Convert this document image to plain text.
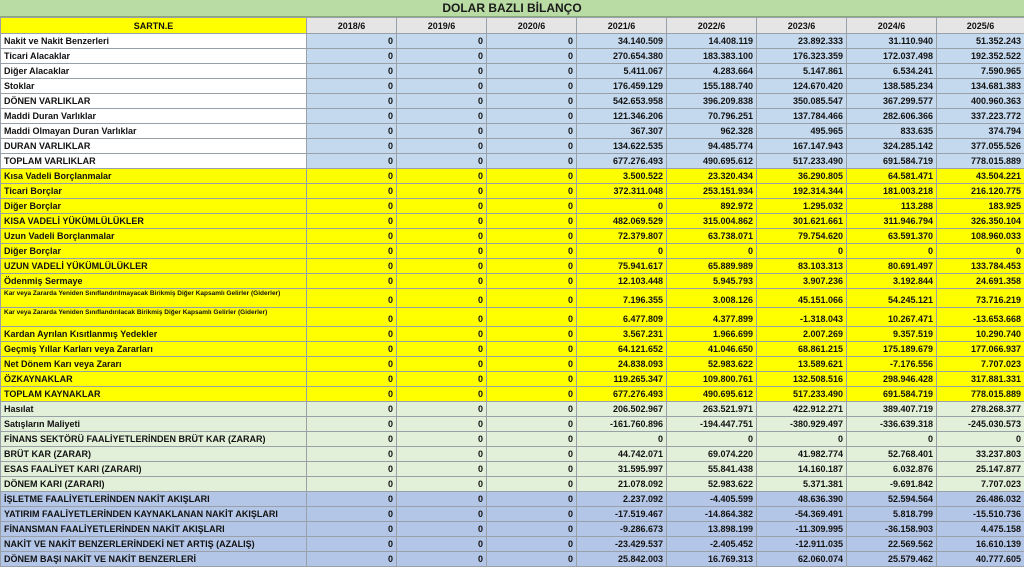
DOLAR BAZLI BİLANÇO
SARTN.E	2018/6	2019/6	2020/6	2021/6	2022/6	2023/6	2024/6	2025/6
Nakit ve Nakit Benzerleri	0	0	0	34.140.509	14.408.119	23.892.333	31.110.940	51.352.243
Ticari Alacaklar	0	0	0	270.654.380	183.383.100	176.323.359	172.037.498	192.352.522
Diğer Alacaklar	0	0	0	5.411.067	4.283.664	5.147.861	6.534.241	7.590.965
Stoklar	0	0	0	176.459.129	155.188.740	124.670.420	138.585.234	134.681.383
DÖNEN VARLIKLAR	0	0	0	542.653.958	396.209.838	350.085.547	367.299.577	400.960.363
Maddi Duran Varlıklar	0	0	0	121.346.206	70.796.251	137.784.466	282.606.366	337.223.772
Maddi Olmayan Duran Varlıklar	0	0	0	367.307	962.328	495.965	833.635	374.794
DURAN VARLIKLAR	0	0	0	134.622.535	94.485.774	167.147.943	324.285.142	377.055.526
TOPLAM VARLIKLAR	0	0	0	677.276.493	490.695.612	517.233.490	691.584.719	778.015.889
Kısa Vadeli Borçlanmalar	0	0	0	3.500.522	23.320.434	36.290.805	64.581.471	43.504.221
Ticari Borçlar	0	0	0	372.311.048	253.151.934	192.314.344	181.003.218	216.120.775
Diğer Borçlar	0	0	0	0	892.972	1.295.032	113.288	183.925
KISA VADELİ YÜKÜMLÜLÜKLER	0	0	0	482.069.529	315.004.862	301.621.661	311.946.794	326.350.104
Uzun Vadeli Borçlanmalar	0	0	0	72.379.807	63.738.071	79.754.620	63.591.370	108.960.033
Diğer Borçlar	0	0	0	0	0	0	0	0
UZUN VADELİ YÜKÜMLÜLÜKLER	0	0	0	75.941.617	65.889.989	83.103.313	80.691.497	133.784.453
Ödenmiş Sermaye	0	0	0	12.103.448	5.945.793	3.907.236	3.192.844	24.691.358
Kar veya Zararda Yeniden Sınıflandırılmayacak Birikmiş Diğer Kapsamlı Gelirler (Giderler)	0	0	0	7.196.355	3.008.126	45.151.066	54.245.121	73.716.219
Kar veya Zararda Yeniden Sınıflandırılacak Birikmiş Diğer Kapsamlı Gelirler (Giderler)	0	0	0	6.477.809	4.377.899	-1.318.043	10.267.471	-13.653.668
Kardan Ayrılan Kısıtlanmış Yedekler	0	0	0	3.567.231	1.966.699	2.007.269	9.357.519	10.290.740
Geçmiş Yıllar Karları veya Zararları	0	0	0	64.121.652	41.046.650	68.861.215	175.189.679	177.066.937
Net Dönem Karı veya Zararı	0	0	0	24.838.093	52.983.622	13.589.621	-7.176.556	7.707.023
ÖZKAYNAKLAR	0	0	0	119.265.347	109.800.761	132.508.516	298.946.428	317.881.331
TOPLAM KAYNAKLAR	0	0	0	677.276.493	490.695.612	517.233.490	691.584.719	778.015.889
Hasılat	0	0	0	206.502.967	263.521.971	422.912.271	389.407.719	278.268.377
Satışların Maliyeti	0	0	0	-161.760.896	-194.447.751	-380.929.497	-336.639.318	-245.030.573
FİNANS SEKTÖRÜ FAALİYETLERİNDEN BRÜT KAR (ZARAR)	0	0	0	0	0	0	0	0
BRÜT KAR (ZARAR)	0	0	0	44.742.071	69.074.220	41.982.774	52.768.401	33.237.803
ESAS FAALİYET KARI (ZARARI)	0	0	0	31.595.997	55.841.438	14.160.187	6.032.876	25.147.877
DÖNEM KARI (ZARARI)	0	0	0	21.078.092	52.983.622	5.371.381	-9.691.842	7.707.023
İŞLETME FAALİYETLERİNDEN NAKİT AKIŞLARI	0	0	0	2.237.092	-4.405.599	48.636.390	52.594.564	26.486.032
YATIRIM FAALİYETLERİNDEN KAYNAKLANAN NAKİT AKIŞLARI	0	0	0	-17.519.467	-14.864.382	-54.369.491	5.818.799	-15.510.736
FİNANSMAN FAALİYETLERİNDEN NAKİT AKIŞLARI	0	0	0	-9.286.673	13.898.199	-11.309.995	-36.158.903	4.475.158
NAKİT VE NAKİT BENZERLERİNDEKİ NET ARTIŞ (AZALIŞ)	0	0	0	-23.429.537	-2.405.452	-12.911.035	22.569.562	16.610.139
DÖNEM BAŞI NAKİT VE NAKİT BENZERLERİ	0	0	0	25.842.003	16.769.313	62.060.074	25.579.462	40.777.605
